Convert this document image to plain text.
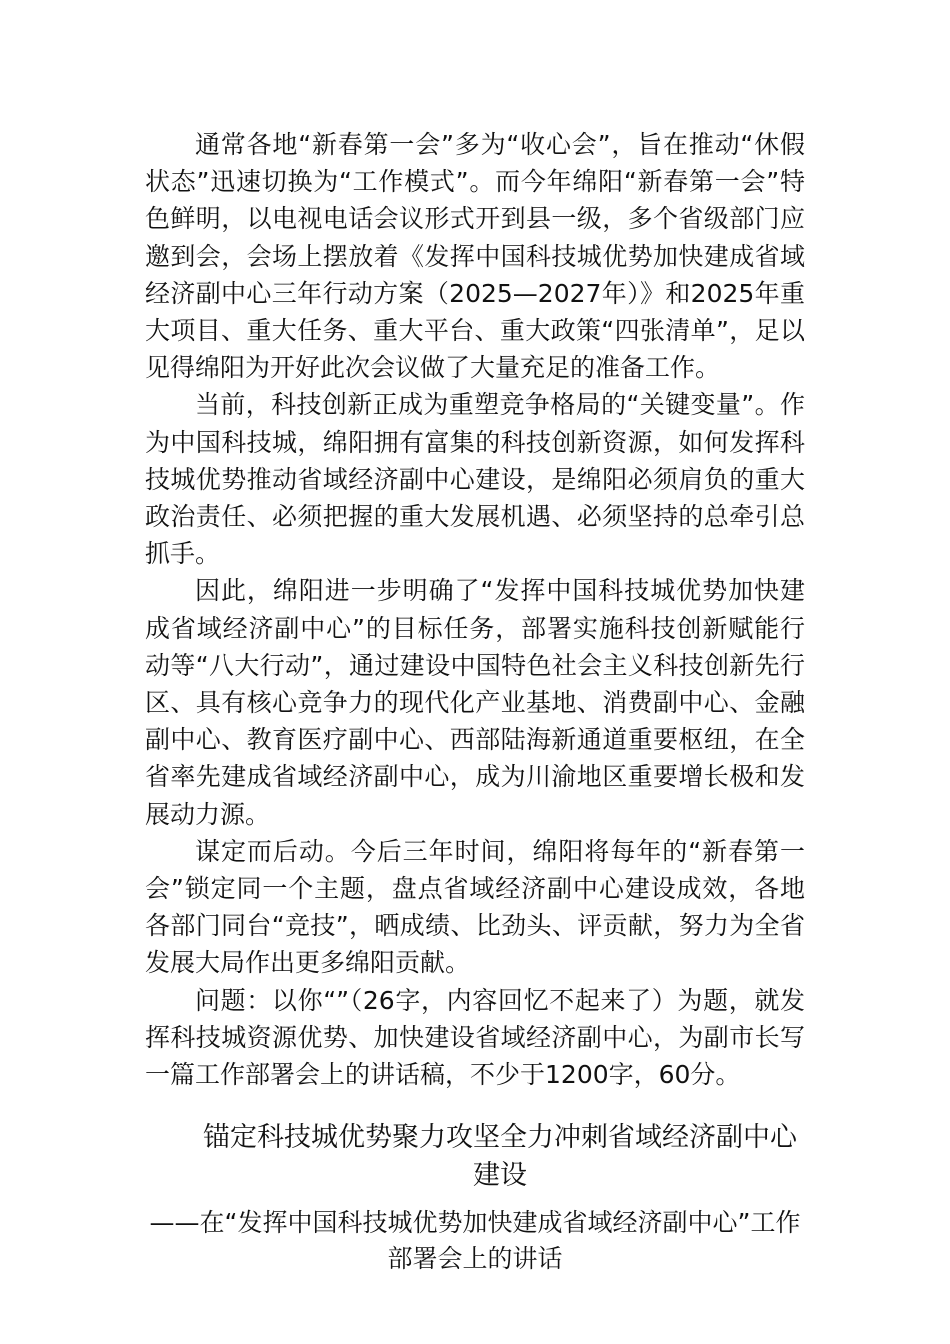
通常各地“新春第一会”多为“收心会”，旨在推动“休假状态”迅速切换为“工作模式”。而今年绵阳“新春第一会”特色鲜明，以电视电话会议形式开到县一级，多个省级部门应邀到会，会场上摆放着《发挥中国科技城优势加快建成省域经济副中心三年行动方案（2025—2027年）》和2025年重大项目、重大任务、重大平台、重大政策“四张清单”，足以见得绵阳为开好此次会议做了大量充足的准备工作。

当前，科技创新正成为重塑竞争格局的“关键变量”。作为中国科技城，绵阳拥有富集的科技创新资源，如何发挥科技城优势推动省域经济副中心建设，是绵阳必须肩负的重大政治责任、必须把握的重大发展机遇、必须坚持的总牵引总抓手。

因此，绵阳进一步明确了“发挥中国科技城优势加快建成省域经济副中心”的目标任务，部署实施科技创新赋能行动等“八大行动”，通过建设中国特色社会主义科技创新先行区、具有核心竞争力的现代化产业基地、消费副中心、金融副中心、教育医疗副中心、西部陆海新通道重要枢纽，在全省率先建成省域经济副中心，成为川渝地区重要增长极和发展动力源。

谋定而后动。今后三年时间，绵阳将每年的“新春第一会”锁定同一个主题，盘点省域经济副中心建设成效，各地各部门同台“竞技”，晒成绩、比劲头、评贡献，努力为全省发展大局作出更多绵阳贡献。

问题：以你“”（26字，内容回忆不起来了）为题，就发挥科技城资源优势、加快建设省域经济副中心，为副市长写一篇工作部署会上的讲话稿，不少于1200字，60分。

锚定科技城优势聚力攻坚全力冲刺省域经济副中心建设

——在“发挥中国科技城优势加快建成省域经济副中心”工作部署会上的讲话
